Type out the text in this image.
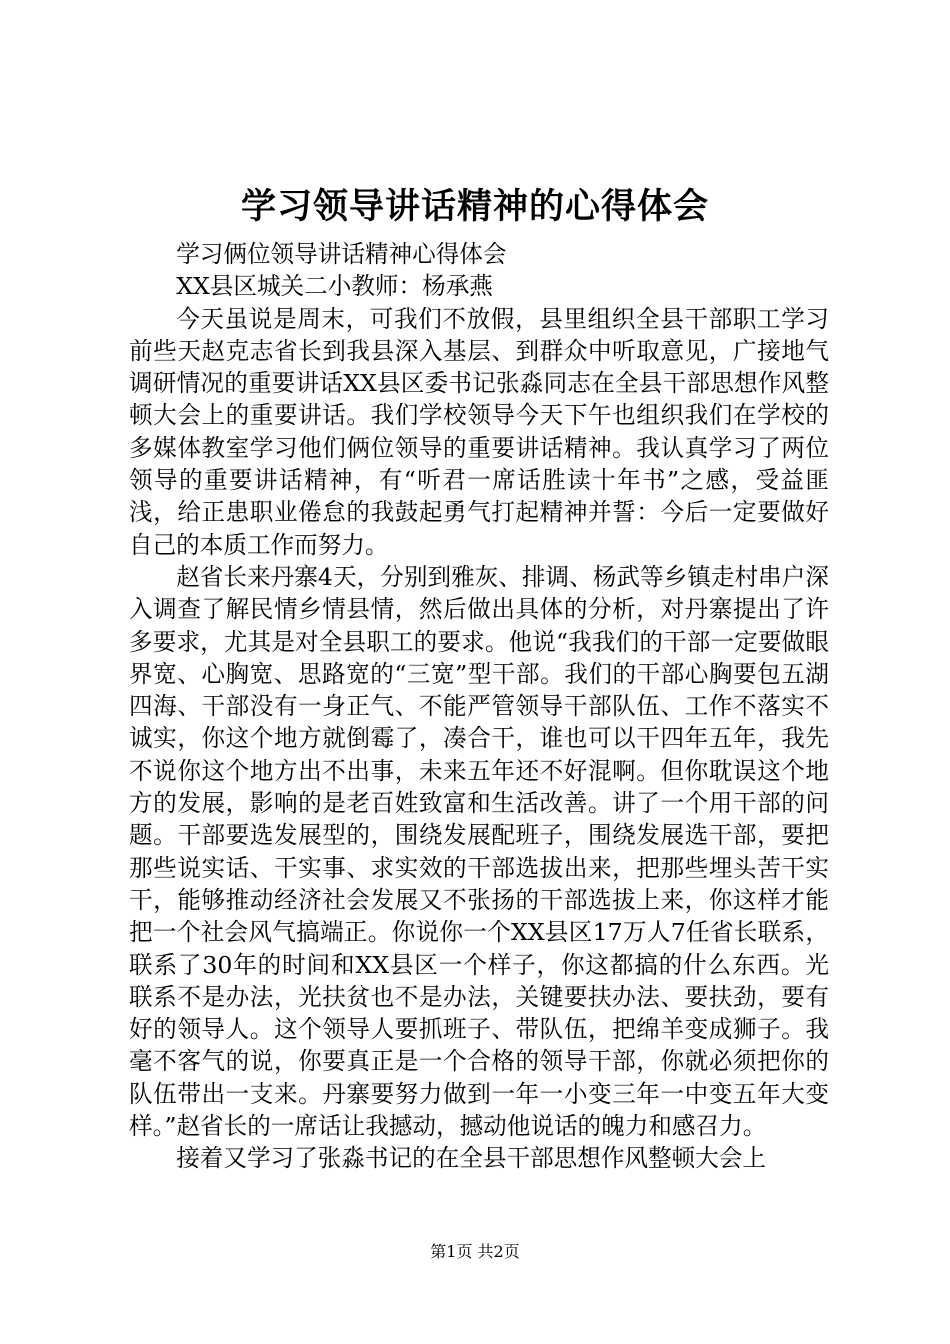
学习领导讲话精神的心得体会

学习俩位领导讲话精神心得体会

XX县区城关二小教师：杨承燕

今天虽说是周末，可我们不放假，县里组织全县干部职工学习前些天赵克志省长到我县深入基层、到群众中听取意见，广接地气调研情况的重要讲话XX县区委书记张淼同志在全县干部思想作风整顿大会上的重要讲话。我们学校领导今天下午也组织我们在学校的多媒体教室学习他们俩位领导的重要讲话精神。我认真学习了两位领导的重要讲话精神，有“听君一席话胜读十年书”之感，受益匪浅，给正患职业倦怠的我鼓起勇气打起精神并誓：今后一定要做好自己的本质工作而努力。

赵省长来丹寨4天，分别到雅灰、排调、杨武等乡镇走村串户深入调查了解民情乡情县情，然后做出具体的分析，对丹寨提出了许多要求，尤其是对全县职工的要求。他说“我我们的干部一定要做眼界宽、心胸宽、思路宽的“三宽”型干部。我们的干部心胸要包五湖四海、干部没有一身正气、不能严管领导干部队伍、工作不落实不诚实，你这个地方就倒霉了，凑合干，谁也可以干四年五年，我先不说你这个地方出不出事，未来五年还不好混啊。但你耽误这个地方的发展，影响的是老百姓致富和生活改善。讲了一个用干部的问题。干部要选发展型的，围绕发展配班子，围绕发展选干部，要把那些说实话、干实事、求实效的干部选拔出来，把那些埋头苦干实干，能够推动经济社会发展又不张扬的干部选拔上来，你这样才能把一个社会风气搞端正。你说你一个XX县区17万人7任省长联系，联系了30年的时间和XX县区一个样子，你这都搞的什么东西。光联系不是办法，光扶贫也不是办法，关键要扶办法、要扶劲，要有好的领导人。这个领导人要抓班子、带队伍，把绵羊变成狮子。我毫不客气的说，你要真正是一个合格的领导干部，你就必须把你的队伍带出一支来。丹寨要努力做到一年一小变三年一中变五年大变样。”赵省长的一席话让我撼动，撼动他说话的魄力和感召力。

接着又学习了张淼书记的在全县干部思想作风整顿大会上

第1页 共2页
